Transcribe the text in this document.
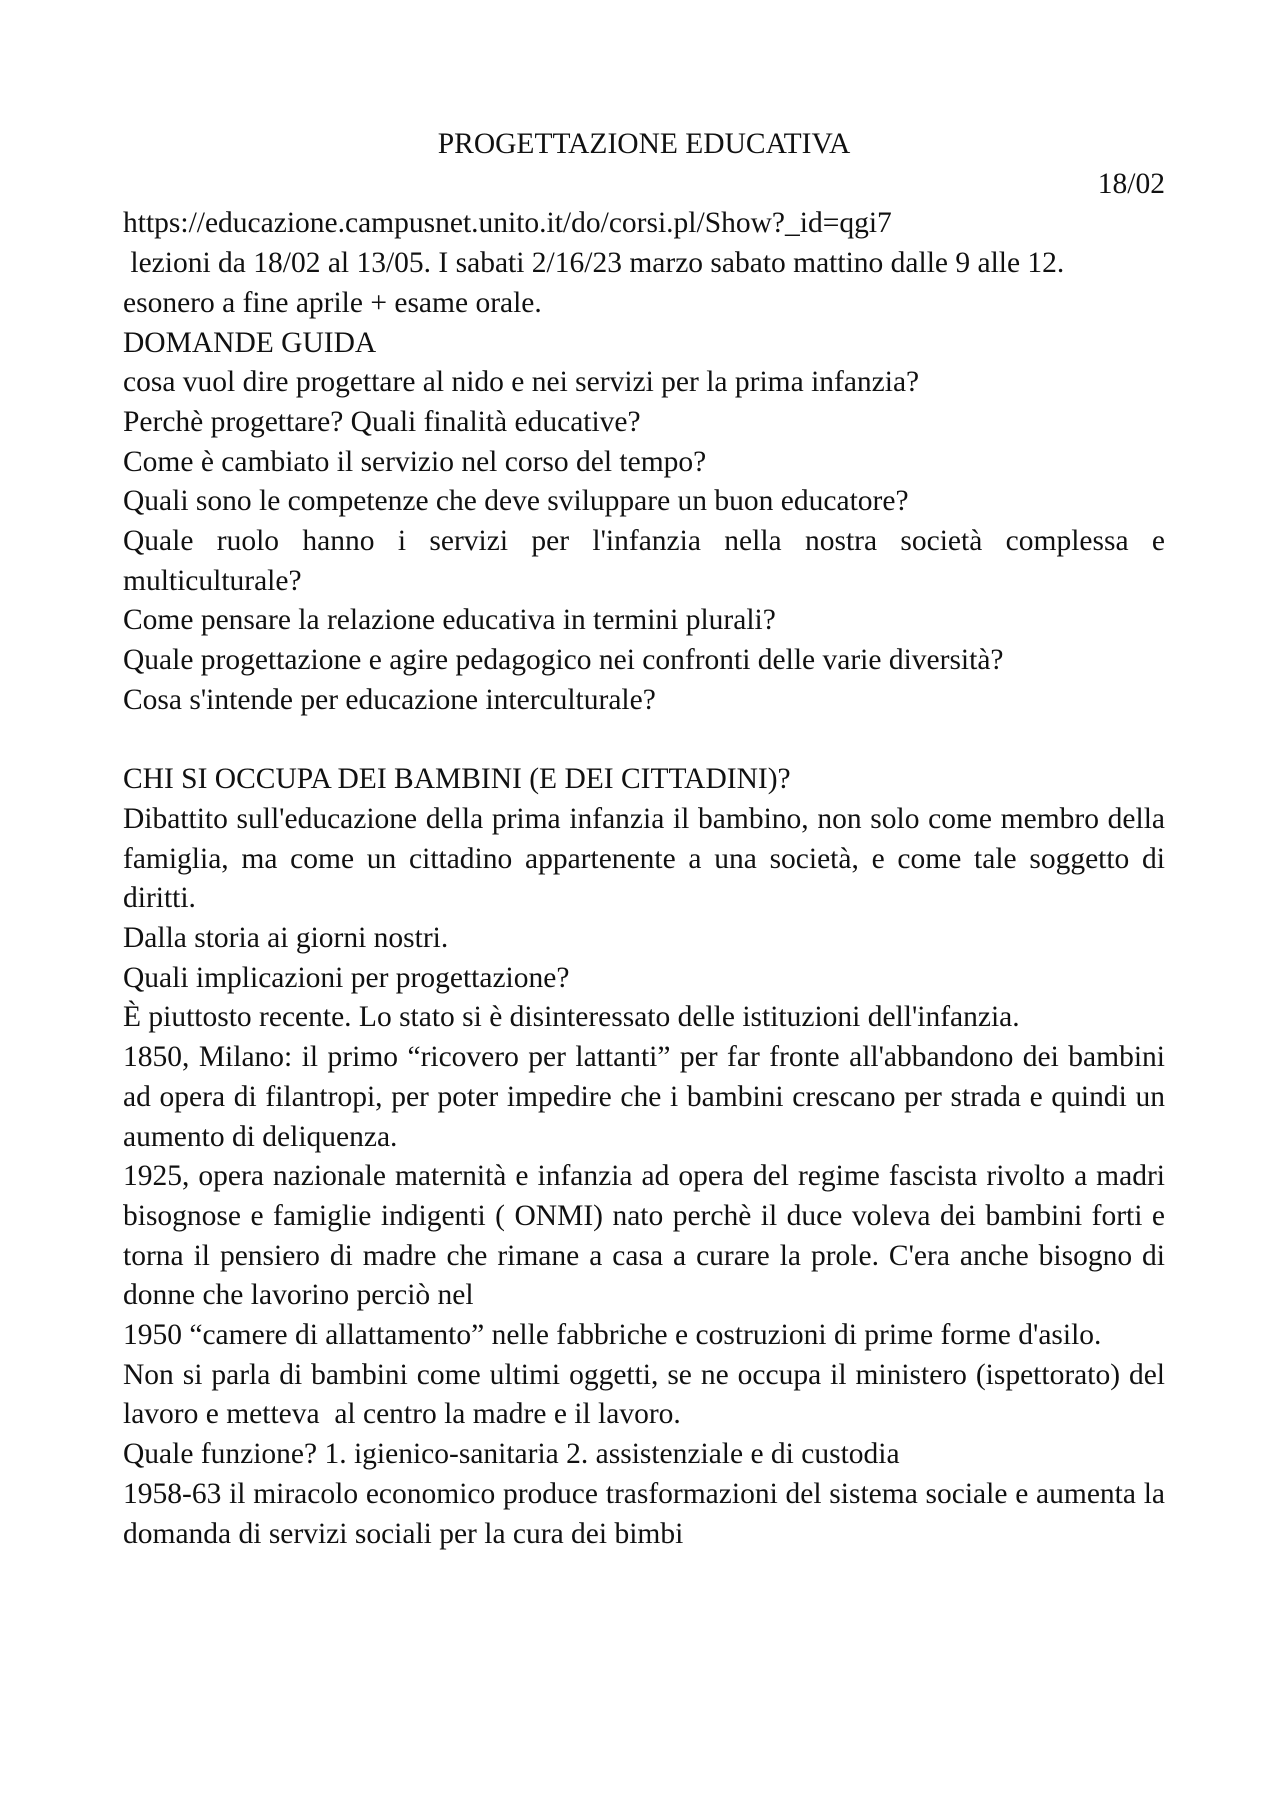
PROGETTAZIONE EDUCATIVA

18/02

https://educazione.campusnet.unito.it/do/corsi.pl/Show?_id=qgi7

lezioni da 18/02 al 13/05. I sabati 2/16/23 marzo sabato mattino dalle 9 alle 12.

esonero a fine aprile + esame orale.

DOMANDE GUIDA

cosa vuol dire progettare al nido e nei servizi per la prima infanzia?

Perchè progettare? Quali finalità educative?

Come è cambiato il servizio nel corso del tempo?

Quali sono le competenze che deve sviluppare un buon educatore?

Quale ruolo hanno i servizi per l'infanzia nella nostra società complessa e multiculturale?

Come pensare la relazione educativa in termini plurali?

Quale progettazione e agire pedagogico nei confronti delle varie diversità?

Cosa s'intende per educazione interculturale?

CHI SI OCCUPA DEI BAMBINI (E DEI CITTADINI)?

Dibattito sull'educazione della prima infanzia il bambino, non solo come membro della famiglia, ma come un cittadino appartenente a una società, e come tale soggetto di diritti.

Dalla storia ai giorni nostri.

Quali implicazioni per progettazione?

È piuttosto recente. Lo stato si è disinteressato delle istituzioni dell'infanzia.

1850, Milano: il primo “ricovero per lattanti” per far fronte all'abbandono dei bambini ad opera di filantropi, per poter impedire che i bambini crescano per strada e quindi un aumento di deliquenza.

1925, opera nazionale maternità e infanzia ad opera del regime fascista rivolto a madri bisognose e famiglie indigenti ( ONMI) nato perchè il duce voleva dei bambini forti e torna il pensiero di madre che rimane a casa a curare la prole. C'era anche bisogno di donne che lavorino perciò nel

1950 “camere di allattamento” nelle fabbriche e costruzioni di prime forme d'asilo.

Non si parla di bambini come ultimi oggetti, se ne occupa il ministero (ispettorato) del lavoro e metteva  al centro la madre e il lavoro.

Quale funzione? 1. igienico-sanitaria 2. assistenziale e di custodia

1958-63 il miracolo economico produce trasformazioni del sistema sociale e aumenta la domanda di servizi sociali per la cura dei bimbi
